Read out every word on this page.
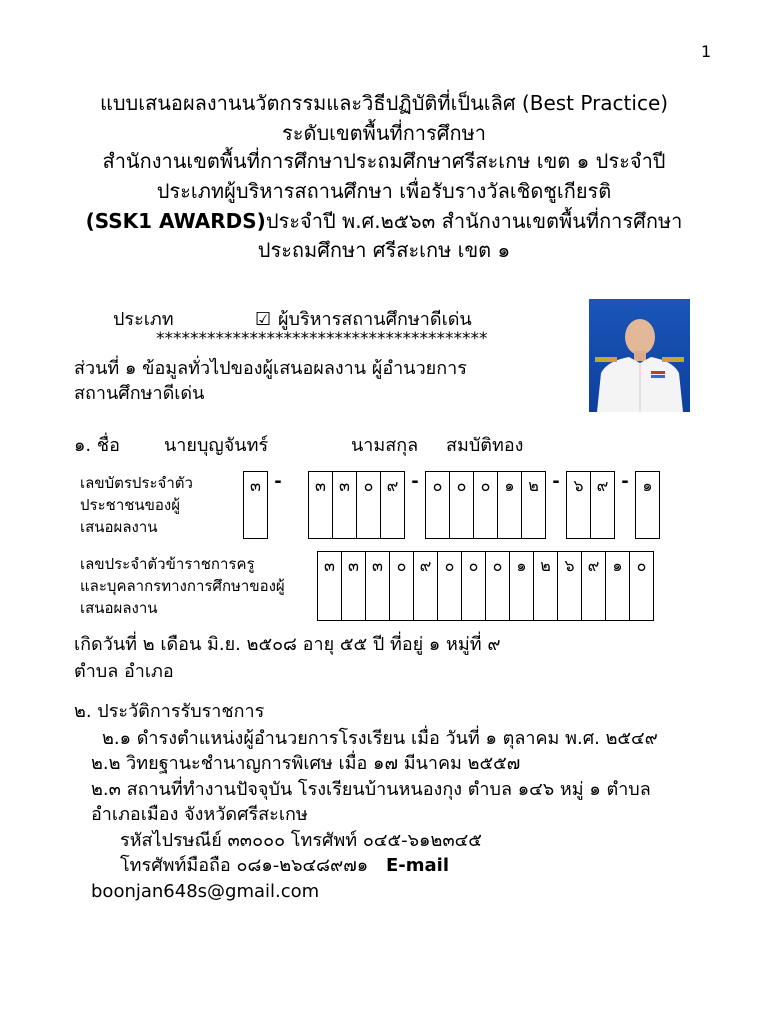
1
แบบเสนอผลงานนวัตกรรมและวิธีปฏิบัติที่เป็นเลิศ (Best Practice)
ระดับเขตพื้นที่การศึกษา
สำนักงานเขตพื้นที่การศึกษาประถมศึกษาศรีสะเกษ เขต ๑ ประจำปี
ประเภทผู้บริหารสถานศึกษา เพื่อรับรางวัลเชิดชูเกียรติ
(SSK1 AWARDS)ประจำปี พ.ศ.๒๕๖๓ สำนักงานเขตพื้นที่การศึกษา
ประถมศึกษา ศรีสะเกษ เขต ๑
ประเภท	☑ ผู้บริหารสถานศึกษาดีเด่น
***************************************
ส่วนที่ ๑ ข้อมูลทั่วไปของผู้เสนอผลงาน ผู้อำนวยการ
สถานศึกษาดีเด่น
๑. ชื่อ นายบุญจันทร์	นามสกุล สมบัติทอง
เลขบัตรประจำตัว
ประชาชนของผู้
เสนอผลงาน
๓ -	๓ ๓ ๐ ๙ - ๐ ๐ ๐ ๑ ๒ - ๖ ๙ - ๑
เลขประจำตัวข้าราชการครู
และบุคลากรทางการศึกษาของผู้
เสนอผลงาน
๓ ๓ ๓ ๐ ๙ ๐ ๐ ๐ ๑ ๒ ๖ ๙ ๑ ๐
เกิดวันที่ ๒ เดือน มิ.ย. ๒๕๐๘ อายุ ๕๕ ปี ที่อยู่ ๑ หมู่ที่ ๙
ตำบล อำเภอ
๒. ประวัติการรับราชการ
๒.๑ ดำรงตำแหน่งผู้อำนวยการโรงเรียน เมื่อ วันที่ ๑ ตุลาคม พ.ศ. ๒๕๔๙
๒.๒ วิทยฐานะชำนาญการพิเศษ เมื่อ ๑๗ มีนาคม ๒๕๕๗
๒.๓ สถานที่ทำงานปัจจุบัน โรงเรียนบ้านหนองกุง ตำบล ๑๔๖ หมู่ ๑ ตำบล
อำเภอเมือง จังหวัดศรีสะเกษ
รหัสไปรษณีย์ ๓๓๐๐๐ โทรศัพท์ ๐๔๕-๖๑๒๓๔๕
โทรศัพท์มือถือ ๐๘๑-๒๖๔๘๙๗๑ E-mail
boonjan648s@gmail.com
